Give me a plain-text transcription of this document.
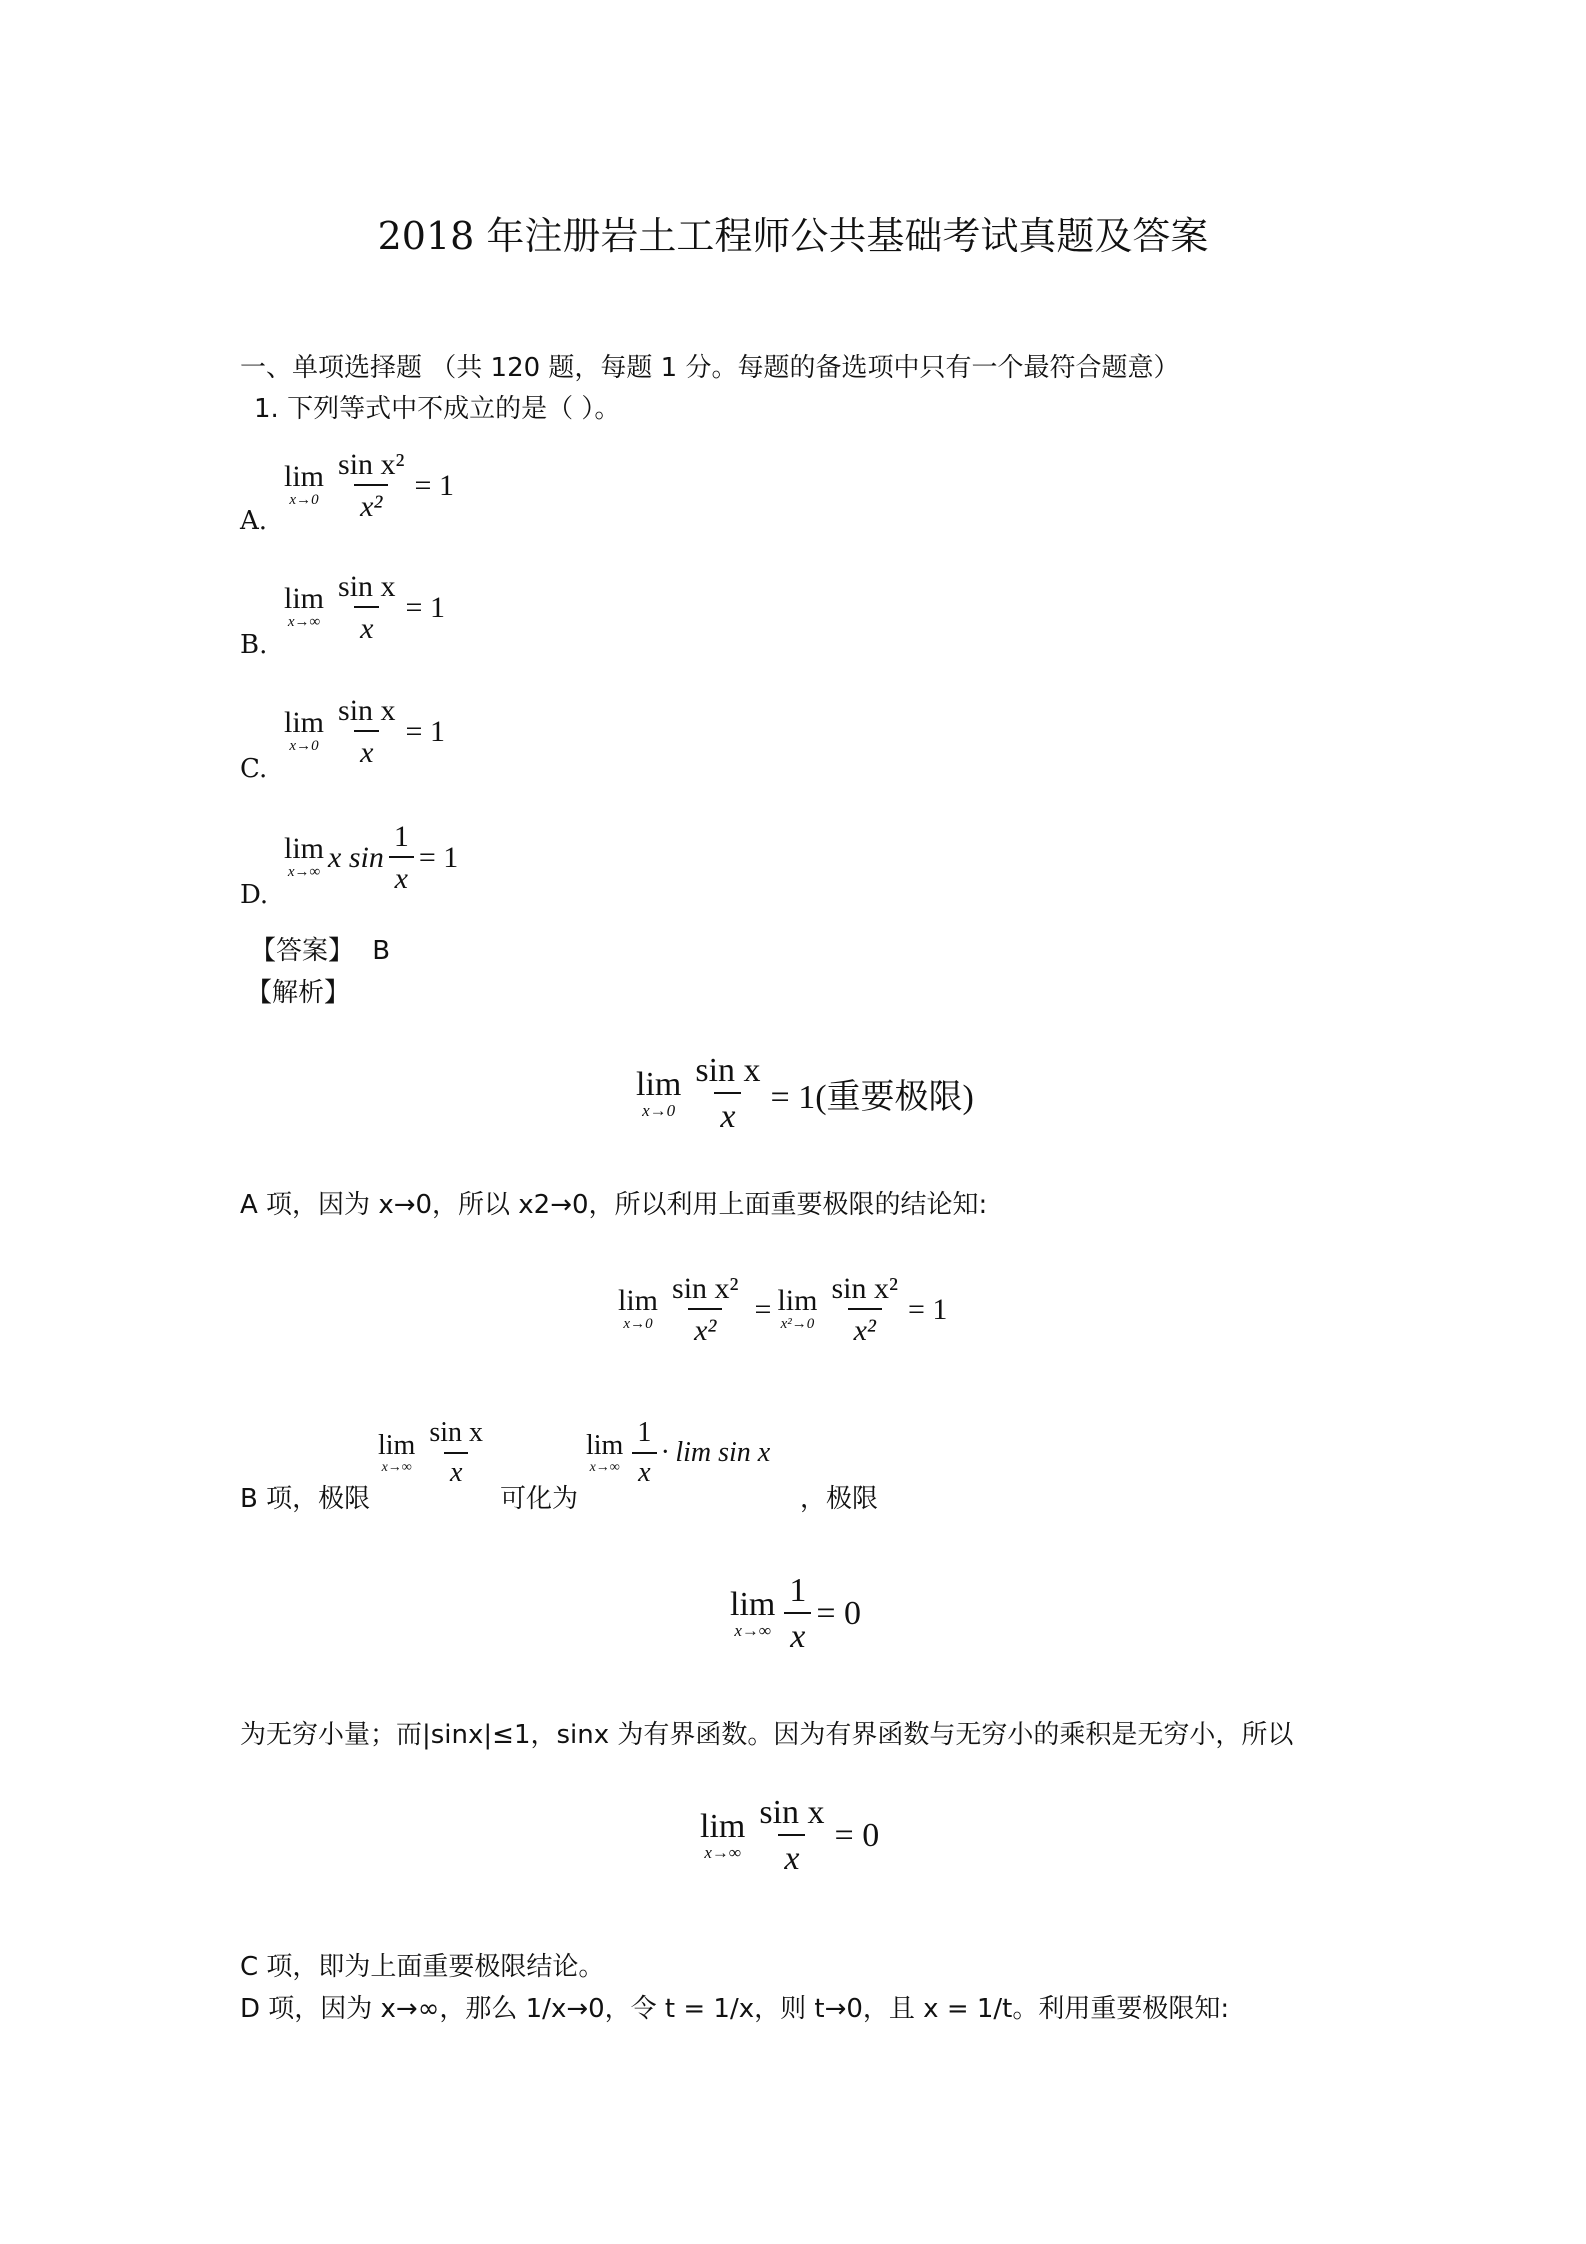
2018 年注册岩土工程师公共基础考试真题及答案
一、单项选择题 （共 120 题，每题 1 分。每题的备选项中只有一个最符合题意）
1. 下列等式中不成立的是（ ）。
A.
lim
$x\to 0 \frac{\text{sin x²}}{\text{x²}} = 1$
B.
lim
$x\to\infty \frac{\text{sin x}}{x} = 1$
C.
lim
$x\to 0 \frac{\text{sin x}}{x} = 1$
D.
lim
x→∞ x $\sin \frac{1}{x} = 1$
【答案】 B
【解析】
lim
$x\to 0 \frac{\text{sin x}}{x} = 1$(重要极限)
A 项，因为 x→0，所以 x2→0，所以利用上面重要极限的结论知:
lim
$x\to 0 \frac{\text{sin x²}}{\text{x²}} = \lim$
$x^2\to 0 \frac{\text{sin x²}}{\text{x²}} = 1$
B 项，极限
lim
$x\to\infty \frac{\text{sin x}}{x}$
可化为
lim
$x\to\infty \frac{1}{x} \cdot \lim \sin x$
，极限
lim
$x\to\infty \frac{1}{x} = 0$
为无穷小量；而|sinx|≤1，sinx 为有界函数。因为有界函数与无穷小的乘积是无穷小，所以
lim
$x\to\infty \frac{\text{sin x}}{x} = 0$
C 项，即为上面重要极限结论。
D 项，因为 x→∞，那么 1/x→0，令 t = 1/x，则 t→0，且 x = 1/t。利用重要极限知:
